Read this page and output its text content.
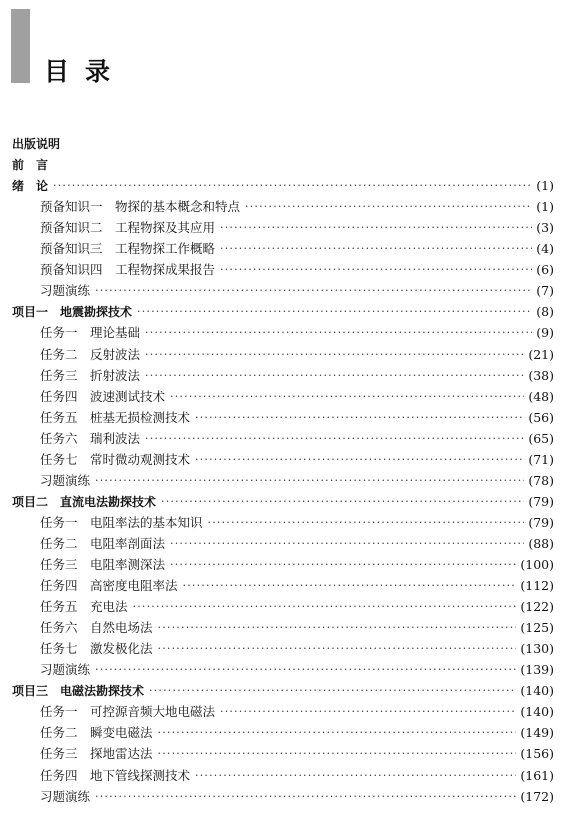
目 录
出版说明
前　言
绪　论 ·····	(1)
预备知识一　物探的基本概念和特点 ·····	(1)
预备知识二　工程物探及其应用 ·····	(3)
预备知识三　工程物探工作概略 ·····	(4)
预备知识四　工程物探成果报告 ·····	(6)
习题演练 ·····	(7)
项目一　地震勘探技术 ·····	(8)
任务一　理论基础 ·····	(9)
任务二　反射波法 ·····	(21)
任务三　折射波法 ·····	(38)
任务四　波速测试技术 ·····	(48)
任务五　桩基无损检测技术 ·····	(56)
任务六　瑞利波法 ·····	(65)
任务七　常时微动观测技术 ·····	(71)
习题演练 ·····	(78)
项目二　直流电法勘探技术 ·····	(79)
任务一　电阻率法的基本知识 ·····	(79)
任务二　电阻率剖面法 ·····	(88)
任务三　电阻率测深法 ·····	(100)
任务四　高密度电阻率法 ·····	(112)
任务五　充电法 ·····	(122)
任务六　自然电场法 ·····	(125)
任务七　激发极化法 ·····	(130)
习题演练 ·····	(139)
项目三　电磁法勘探技术 ·····	(140)
任务一　可控源音频大地电磁法 ·····	(140)
任务二　瞬变电磁法 ·····	(149)
任务三　探地雷达法 ·····	(156)
任务四　地下管线探测技术 ·····	(161)
习题演练 ·····	(172)
